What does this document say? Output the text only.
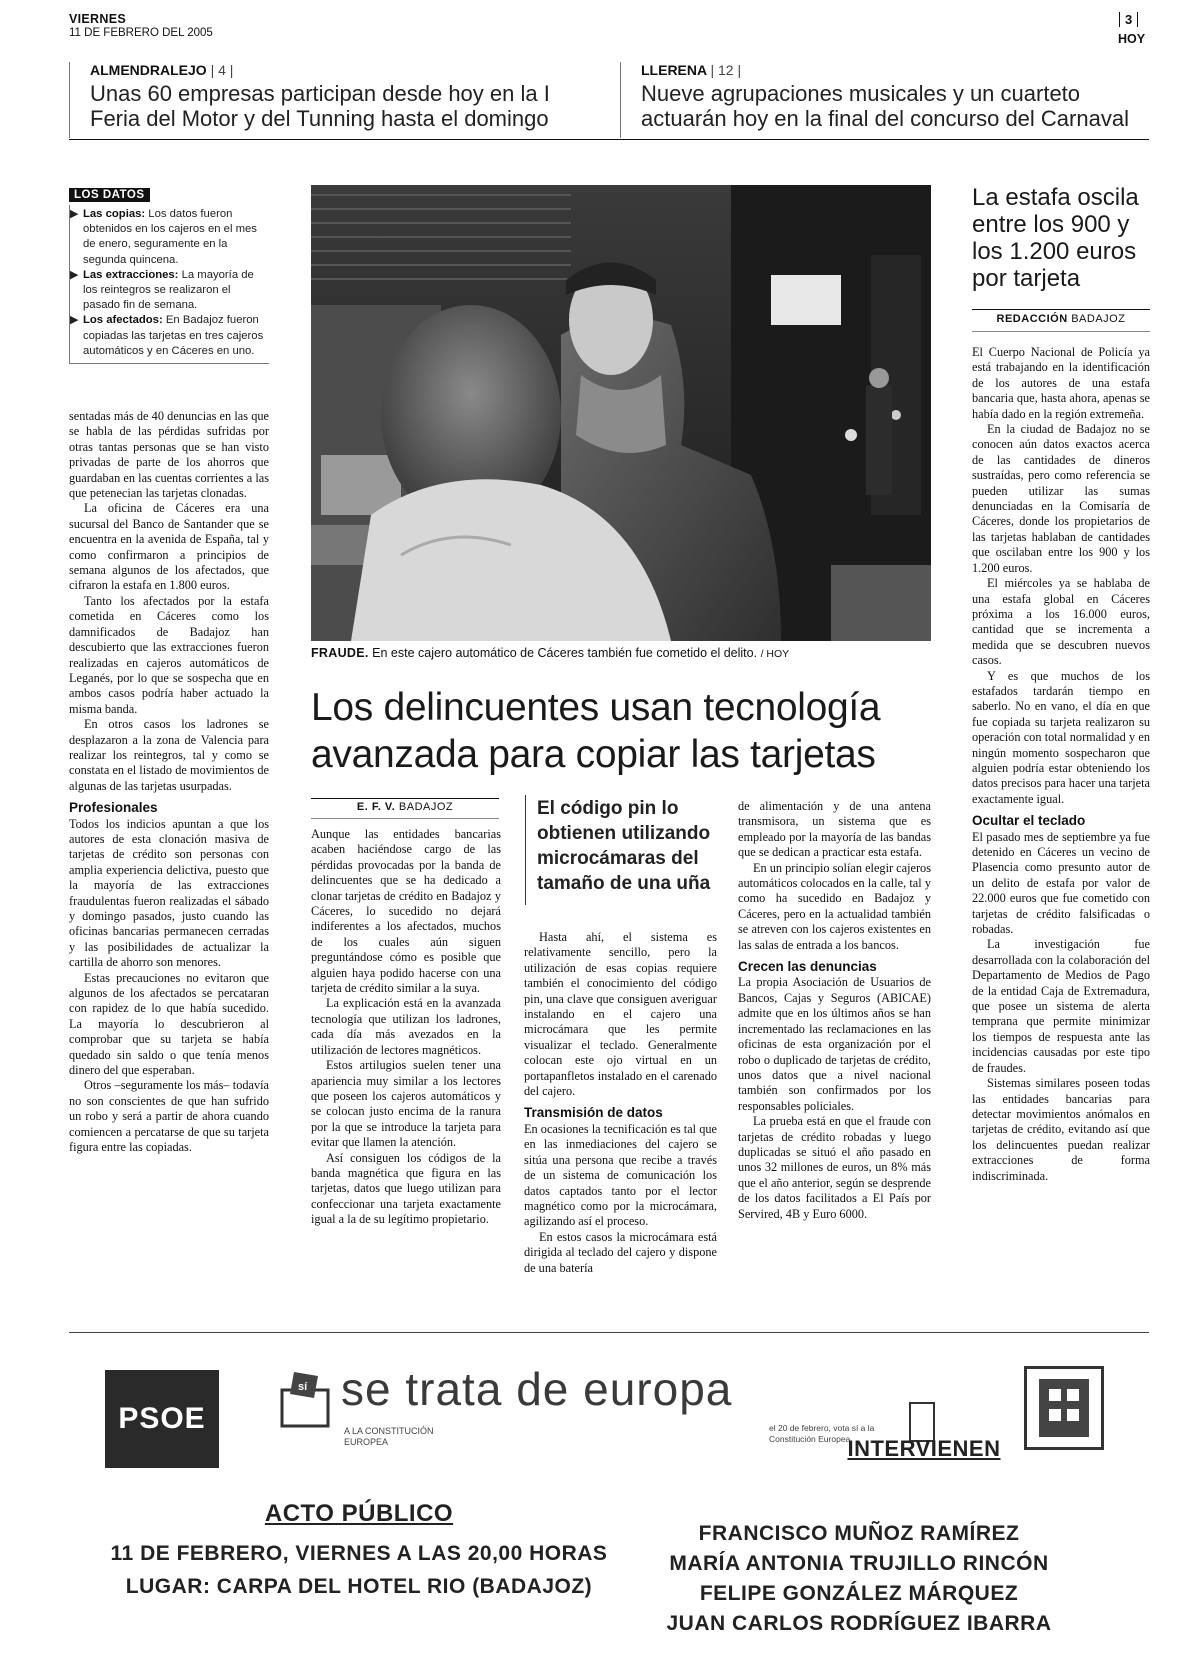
VIERNES
11 DE FEBRERO DEL 2005
3
HOY
ALMENDRALEJO | 4 |
Unas 60 empresas participan desde hoy en la I Feria del Motor y del Tunning hasta el domingo
LLERENA | 12 |
Nueve agrupaciones musicales y un cuarteto actuarán hoy en la final del concurso del Carnaval
LOS DATOS
▶ Las copias: Los datos fueron obtenidos en los cajeros en el mes de enero, seguramente en la segunda quincena.
▶ Las extracciones: La mayoría de los reintegros se realizaron el pasado fin de semana.
▶ Los afectados: En Badajoz fueron copiadas las tarjetas en tres cajeros automáticos y en Cáceres en uno.

sentadas más de 40 denuncias en las que se habla de las pérdidas sufridas por otras tantas personas que se han visto privadas de parte de los ahorros que guardaban en las cuentas corrientes a las que petenecian las tarjetas clonadas.

La oficina de Cáceres era una sucursal del Banco de Santander que se encuentra en la avenida de España, tal y como confirmaron a principios de semana algunos de los afectados, que cifraron la estafa en 1.800 euros.

Tanto los afectados por la estafa cometida en Cáceres como los damnificados de Badajoz han descubierto que las extracciones fueron realizadas en cajeros automáticos de Leganés, por lo que se sospecha que en ambos casos podría haber actuado la misma banda.

En otros casos los ladrones se desplazaron a la zona de Valencia para realizar los reintegros, tal y como se constata en el listado de movimientos de algunas de las tarjetas usurpadas.

Profesionales

Todos los indicios apuntan a que los autores de esta clonación masiva de tarjetas de crédito son personas con amplia experiencia delictiva, puesto que la mayoría de las extracciones fraudulentas fueron realizadas el sábado y domingo pasados, justo cuando las oficinas bancarias permanecen cerradas y las posibilidades de actualizar la cartilla de ahorro son menores.

Estas precauciones no evitaron que algunos de los afectados se percataran con rapidez de lo que había sucedido. La mayoría lo descubrieron al comprobar que su tarjeta se había quedado sin saldo o que tenía menos dinero del que esperaban.

Otros –seguramente los más– todavía no son conscientes de que han sufrido un robo y será a partir de ahora cuando comiencen a percatarse de que su tarjeta figura entre las copiadas.

FRAUDE. En este cajero automático de Cáceres también fue cometido el delito. / HOY
Los delincuentes usan tecnología avanzada para copiar las tarjetas
E. F. V. BADAJOZ

Aunque las entidades bancarias acaben haciéndose cargo de las pérdidas provocadas por la banda de delincuentes que se ha dedicado a clonar tarjetas de crédito en Badajoz y Cáceres, lo sucedido no dejará indiferentes a los afectados, muchos de los cuales aún siguen preguntándose cómo es posible que alguien haya podido hacerse con una tarjeta de crédito similar a la suya.

La explicación está en la avanzada tecnología que utilizan los ladrones, cada día más avezados en la utilización de lectores magnéticos.

Estos artilugios suelen tener una apariencia muy similar a los lectores que poseen los cajeros automáticos y se colocan justo encima de la ranura por la que se introduce la tarjeta para evitar que llamen la atención.

Así consiguen los códigos de la banda magnética que figura en las tarjetas, datos que luego utilizan para confeccionar una tarjeta exactamente igual a la de su legítimo propietario.

El código pin lo obtienen utilizando microcámaras del tamaño de una uña

Hasta ahí, el sistema es relativamente sencillo, pero la utilización de esas copias requiere también el conocimiento del código pin, una clave que consiguen averiguar instalando en el cajero una microcámara que les permite visualizar el teclado. Generalmente colocan este ojo virtual en un portapanfletos instalado en el carenado del cajero.

Transmisión de datos

En ocasiones la tecnificación es tal que en las inmediaciones del cajero se sitúa una persona que recibe a través de un sistema de comunicación los datos captados tanto por el lector magnético como por la microcámara, agilizando así el proceso.

En estos casos la microcámara está dirigida al teclado del cajero y dispone de una batería

de alimentación y de una antena transmisora, un sistema que es empleado por la mayoría de las bandas que se dedican a practicar esta estafa.

En un principio solían elegir cajeros automáticos colocados en la calle, tal y como ha sucedido en Badajoz y Cáceres, pero en la actualidad también se atreven con los cajeros existentes en las salas de entrada a los bancos.

Crecen las denuncias

La propia Asociación de Usuarios de Bancos, Cajas y Seguros (ABICAE) admite que en los últimos años se han incrementado las reclamaciones en las oficinas de esta organización por el robo o duplicado de tarjetas de crédito, unos datos que a nivel nacional también son confirmados por los responsables policiales.

La prueba está en que el fraude con tarjetas de crédito robadas y luego duplicadas se situó el año pasado en unos 32 millones de euros, un 8% más que el año anterior, según se desprende de los datos facilitados a El País por Servired, 4B y Euro 6000.

La estafa oscila entre los 900 y los 1.200 euros por tarjeta
REDACCIÓN BADAJOZ

El Cuerpo Nacional de Policía ya está trabajando en la identificación de los autores de una estafa bancaria que, hasta ahora, apenas se había dado en la región extremeña.

En la ciudad de Badajoz no se conocen aún datos exactos acerca de las cantidades de dineros sustraídas, pero como referencia se pueden utilizar las sumas denunciadas en la Comisaría de Cáceres, donde los propietarios de las tarjetas hablaban de cantidades que oscilaban entre los 900 y los 1.200 euros.

El miércoles ya se hablaba de una estafa global en Cáceres próxima a los 16.000 euros, cantidad que se incrementa a medida que se descubren nuevos casos.

Y es que muchos de los estafados tardarán tiempo en saberlo. No en vano, el día en que fue copiada su tarjeta realizaron su operación con total normalidad y en ningún momento sospecharon que alguien podría estar obteniendo los datos precisos para hacer una tarjeta exactamente igual.

Ocultar el teclado

El pasado mes de septiembre ya fue detenido en Cáceres un vecino de Plasencia como presunto autor de un delito de estafa por valor de 22.000 euros que fue cometido con tarjetas de crédito falsificadas o robadas.

La investigación fue desarrollada con la colaboración del Departamento de Medios de Pago de la entidad Caja de Extremadura, que posee un sistema de alerta temprana que permite minimizar los tiempos de respuesta ante las incidencias causadas por este tipo de fraudes.

Sistemas similares poseen todas las entidades bancarias para detectar movimientos anómalos en tarjetas de crédito, evitando así que los delincuentes puedan realizar extracciones de forma indiscriminada.

PSOE
sí se trata de europa
A LA CONSTITUCIÓN
EUROPEA
el 20 de febrero, vota sí a la
Constitución Europea
INTERVIENEN
ACTO PÚBLICO
11 DE FEBRERO, VIERNES A LAS 20,00 HORAS
LUGAR: CARPA DEL HOTEL RIO (BADAJOZ)
FRANCISCO MUÑOZ RAMÍREZ
MARÍA ANTONIA TRUJILLO RINCÓN
FELIPE GONZÁLEZ MÁRQUEZ
JUAN CARLOS RODRÍGUEZ IBARRA
